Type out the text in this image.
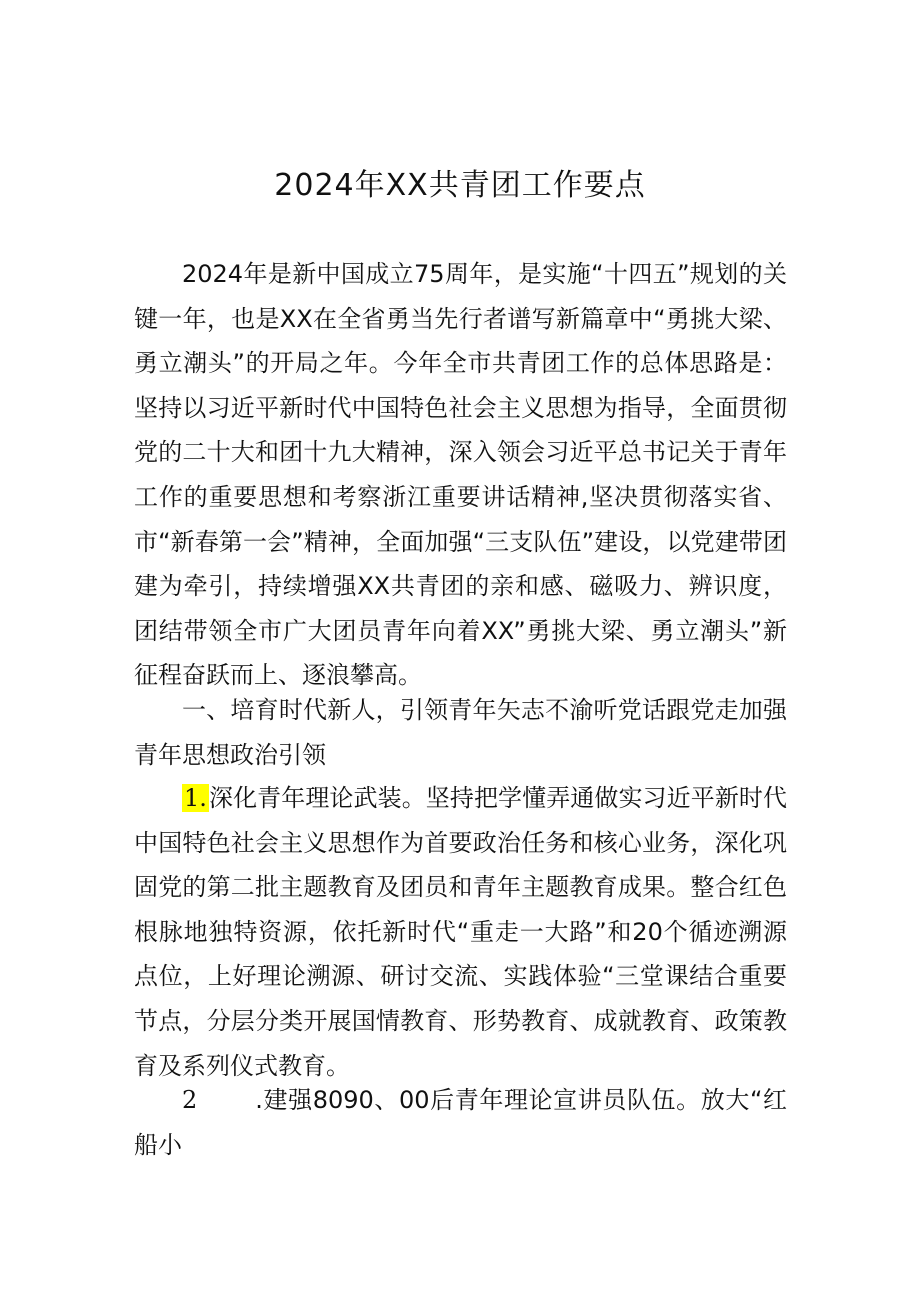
2024年XX共青团工作要点

2024年是新中国成立75周年，是实施“十四五”规划的关键一年，也是XX在全省勇当先行者谱写新篇章中“勇挑大梁、勇立潮头”的开局之年。今年全市共青团工作的总体思路是：坚持以习近平新时代中国特色社会主义思想为指导，全面贯彻党的二十大和团十九大精神，深入领会习近平总书记关于青年工作的重要思想和考察浙江重要讲话精神,坚决贯彻落实省、市“新春第一会”精神，全面加强“三支队伍”建设，以党建带团建为牵引，持续增强XX共青团的亲和感、磁吸力、辨识度，团结带领全市广大团员青年向着XX”勇挑大梁、勇立潮头”新征程奋跃而上、逐浪攀高。

一、培育时代新人，引领青年矢志不渝听党话跟党走加强青年思想政治引领

1.深化青年理论武装。坚持把学懂弄通做实习近平新时代中国特色社会主义思想作为首要政治任务和核心业务，深化巩固党的第二批主题教育及团员和青年主题教育成果。整合红色根脉地独特资源，依托新时代“重走一大路”和20个循迹溯源点位，上好理论溯源、研讨交流、实践体验“三堂课结合重要节点，分层分类开展国情教育、形势教育、成就教育、政策教育及系列仪式教育。

2 .建强8090、00后青年理论宣讲员队伍。放大“红船小
